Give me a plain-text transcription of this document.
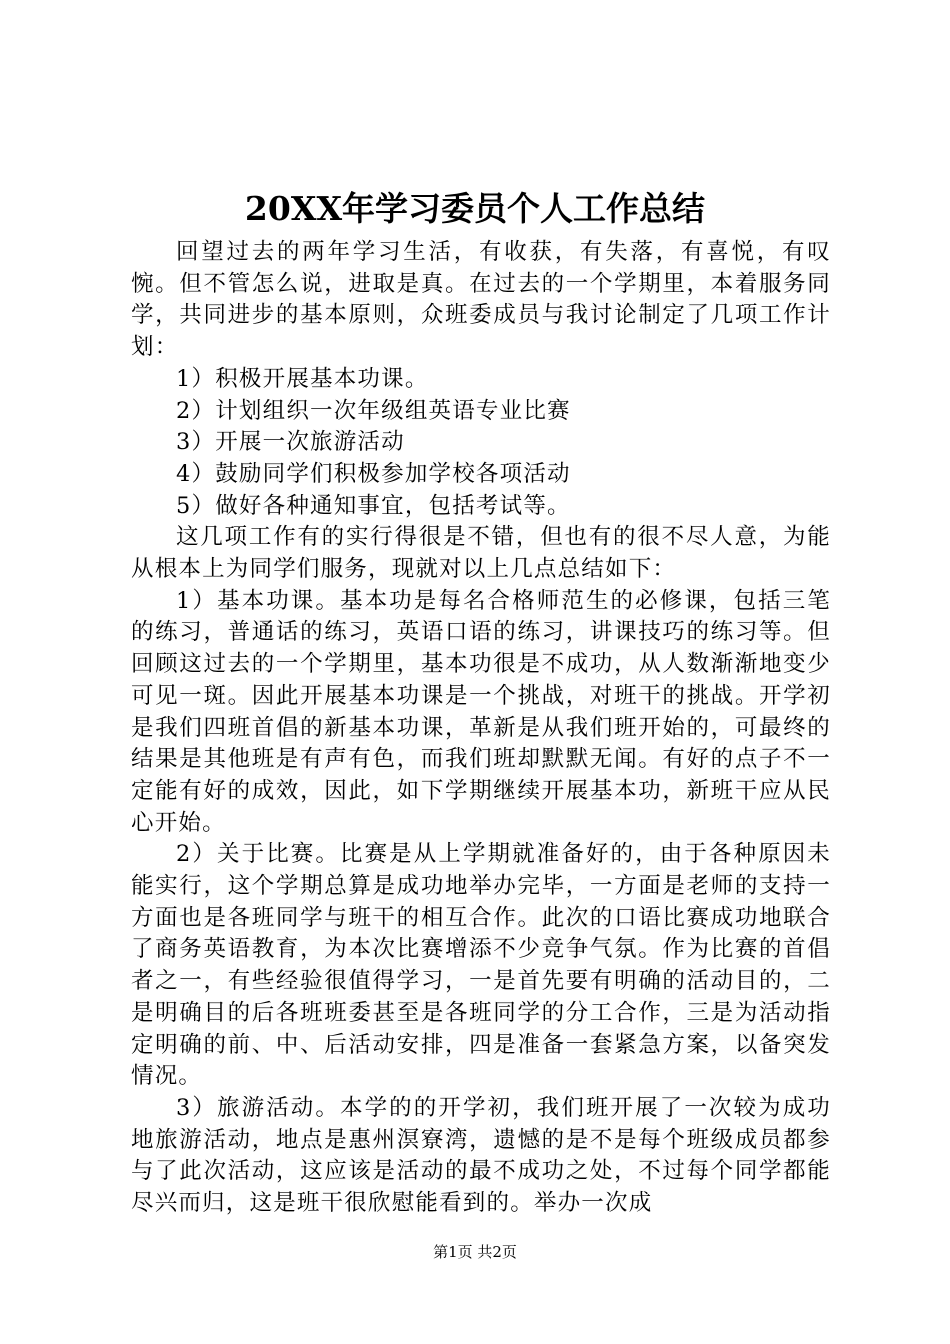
20XX年学习委员个人工作总结

回望过去的两年学习生活，有收获，有失落，有喜悦，有叹惋。但不管怎么说，进取是真。在过去的一个学期里，本着服务同学，共同进步的基本原则，众班委成员与我讨论制定了几项工作计划：

1）积极开展基本功课。

2）计划组织一次年级组英语专业比赛

3）开展一次旅游活动

4）鼓励同学们积极参加学校各项活动

5）做好各种通知事宜，包括考试等。

这几项工作有的实行得很是不错，但也有的很不尽人意，为能从根本上为同学们服务，现就对以上几点总结如下：

1）基本功课。基本功是每名合格师范生的必修课，包括三笔的练习，普通话的练习，英语口语的练习，讲课技巧的练习等。但回顾这过去的一个学期里，基本功很是不成功，从人数渐渐地变少可见一斑。因此开展基本功课是一个挑战，对班干的挑战。开学初是我们四班首倡的新基本功课，革新是从我们班开始的，可最终的结果是其他班是有声有色，而我们班却默默无闻。有好的点子不一定能有好的成效，因此，如下学期继续开展基本功，新班干应从民心开始。

2）关于比赛。比赛是从上学期就准备好的，由于各种原因未能实行，这个学期总算是成功地举办完毕，一方面是老师的支持一方面也是各班同学与班干的相互合作。此次的口语比赛成功地联合了商务英语教育，为本次比赛增添不少竞争气氛。作为比赛的首倡者之一，有些经验很值得学习，一是首先要有明确的活动目的，二是明确目的后各班班委甚至是各班同学的分工合作，三是为活动指定明确的前、中、后活动安排，四是准备一套紧急方案，以备突发情况。

3）旅游活动。本学的的开学初，我们班开展了一次较为成功地旅游活动，地点是惠州溟寮湾，遗憾的是不是每个班级成员都参与了此次活动，这应该是活动的最不成功之处，不过每个同学都能尽兴而归，这是班干很欣慰能看到的。举办一次成

第1页 共2页
